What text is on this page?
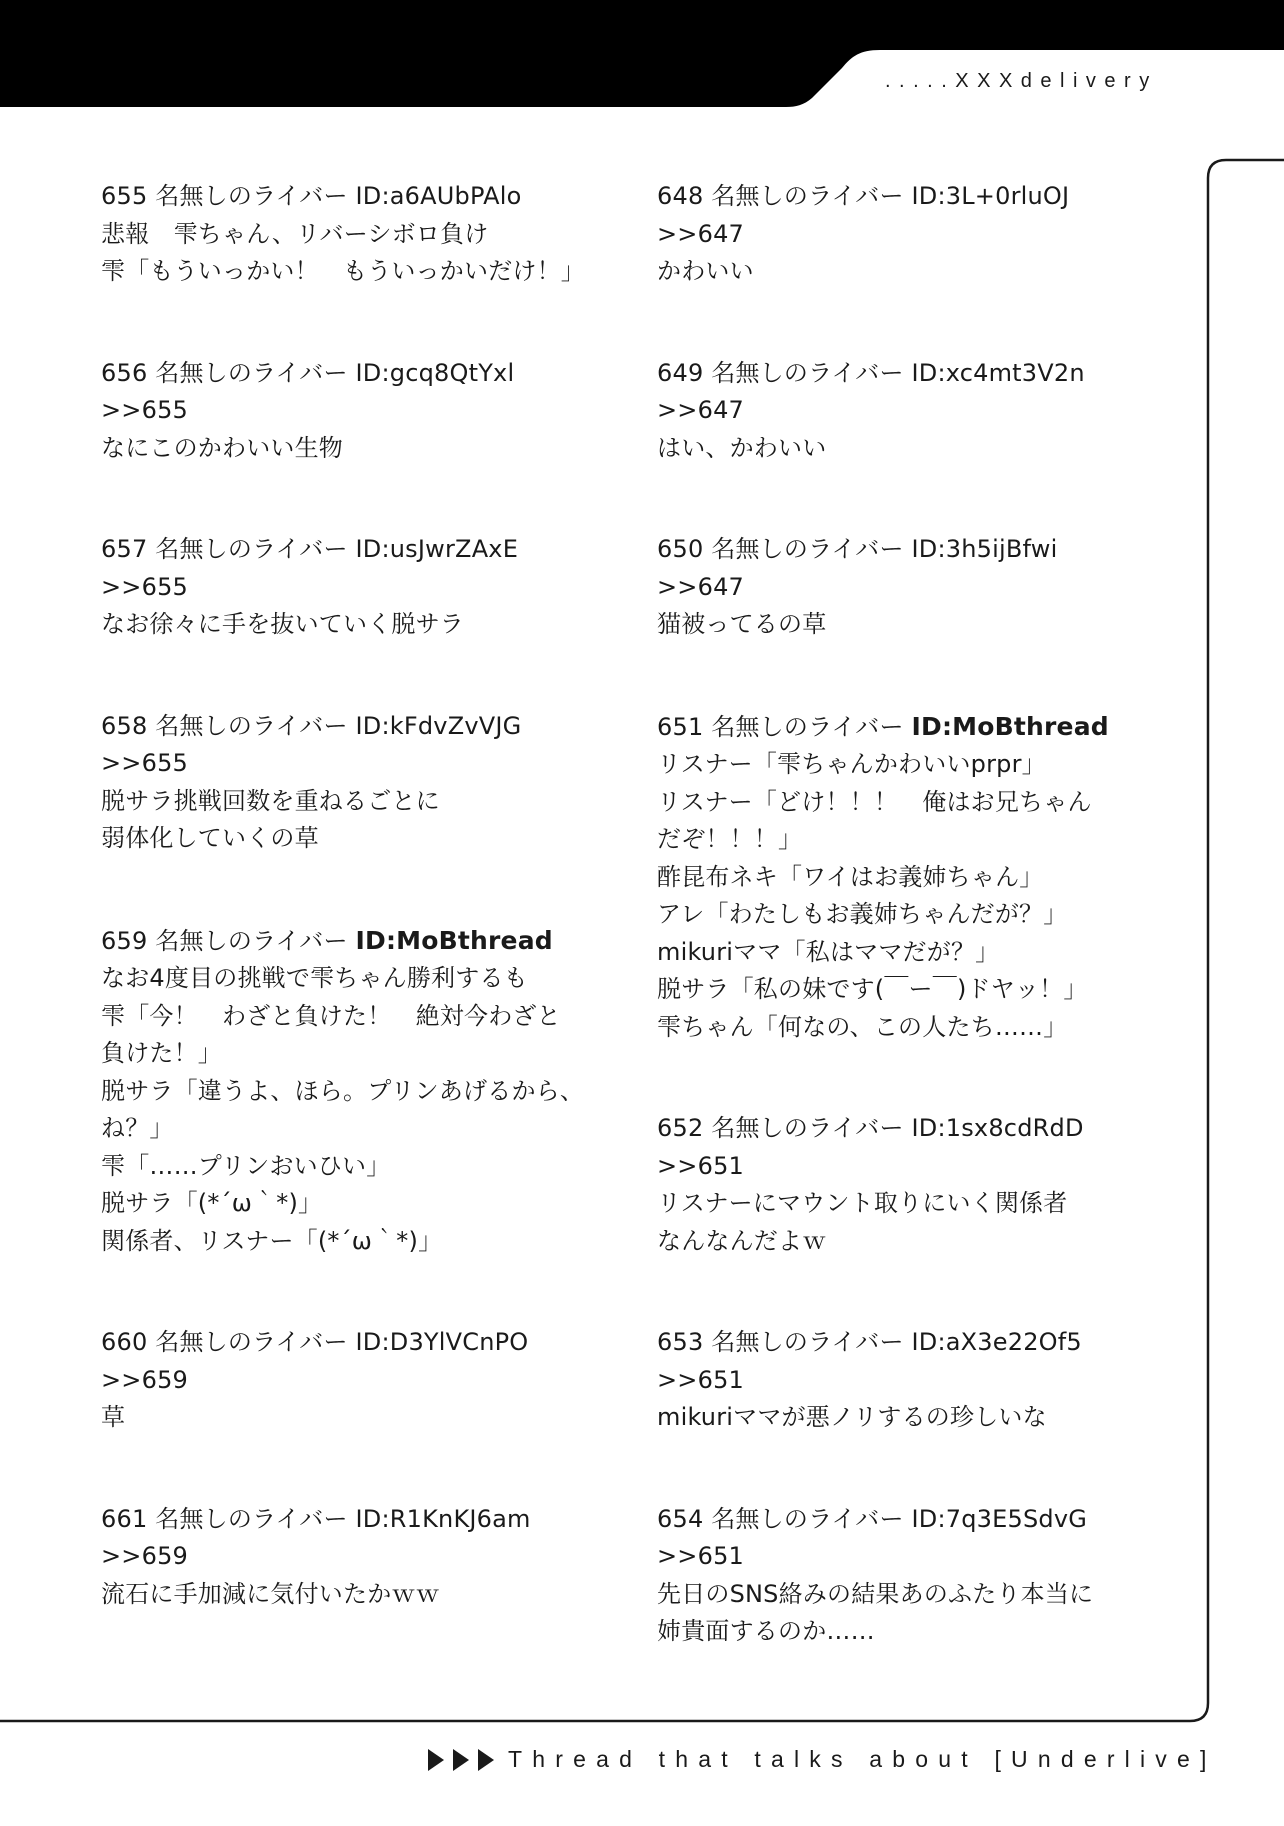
.....XXXdelivery
655 名無しのライバー ID:a6AUbPAlo
悲報　雫ちゃん、リバーシボロ負け
雫「もういっかい！　もういっかいだけ！」
656 名無しのライバー ID:gcq8QtYxl
>>655
なにこのかわいい生物
657 名無しのライバー ID:usJwrZAxE
>>655
なお徐々に手を抜いていく脱サラ
658 名無しのライバー ID:kFdvZvVJG
>>655
脱サラ挑戦回数を重ねるごとに
弱体化していくの草
659 名無しのライバー ID:MoBthread
なお4度目の挑戦で雫ちゃん勝利するも
雫「今！　わざと負けた！　絶対今わざと
負けた！」
脱サラ「違うよ、ほら。プリンあげるから、
ね？」
雫「……プリンおいひい」
脱サラ「(*´ω｀*)」
関係者、リスナー「(*´ω｀*)」
660 名無しのライバー ID:D3YlVCnPO
>>659
草
661 名無しのライバー ID:R1KnKJ6am
>>659
流石に手加減に気付いたかｗｗ
648 名無しのライバー ID:3L+0rluOJ
>>647
かわいい
649 名無しのライバー ID:xc4mt3V2n
>>647
はい、かわいい
650 名無しのライバー ID:3h5ijBfwi
>>647
猫被ってるの草
651 名無しのライバー ID:MoBthread
リスナー「雫ちゃんかわいいprpr」
リスナー「どけ！！！　俺はお兄ちゃん
だぞ！！！」
酢昆布ネキ「ワイはお義姉ちゃん」
アレ「わたしもお義姉ちゃんだが？」
mikuriママ「私はママだが？」
脱サラ「私の妹です(￣ー￣)ドヤッ！」
雫ちゃん「何なの、この人たち……」
652 名無しのライバー ID:1sx8cdRdD
>>651
リスナーにマウント取りにいく関係者
なんなんだよｗ
653 名無しのライバー ID:aX3e22Of5
>>651
mikuriママが悪ノリするの珍しいな
654 名無しのライバー ID:7q3E5SdvG
>>651
先日のSNS絡みの結果あのふたり本当に
姉貴面するのか……
Thread that talks about [Underlive]
